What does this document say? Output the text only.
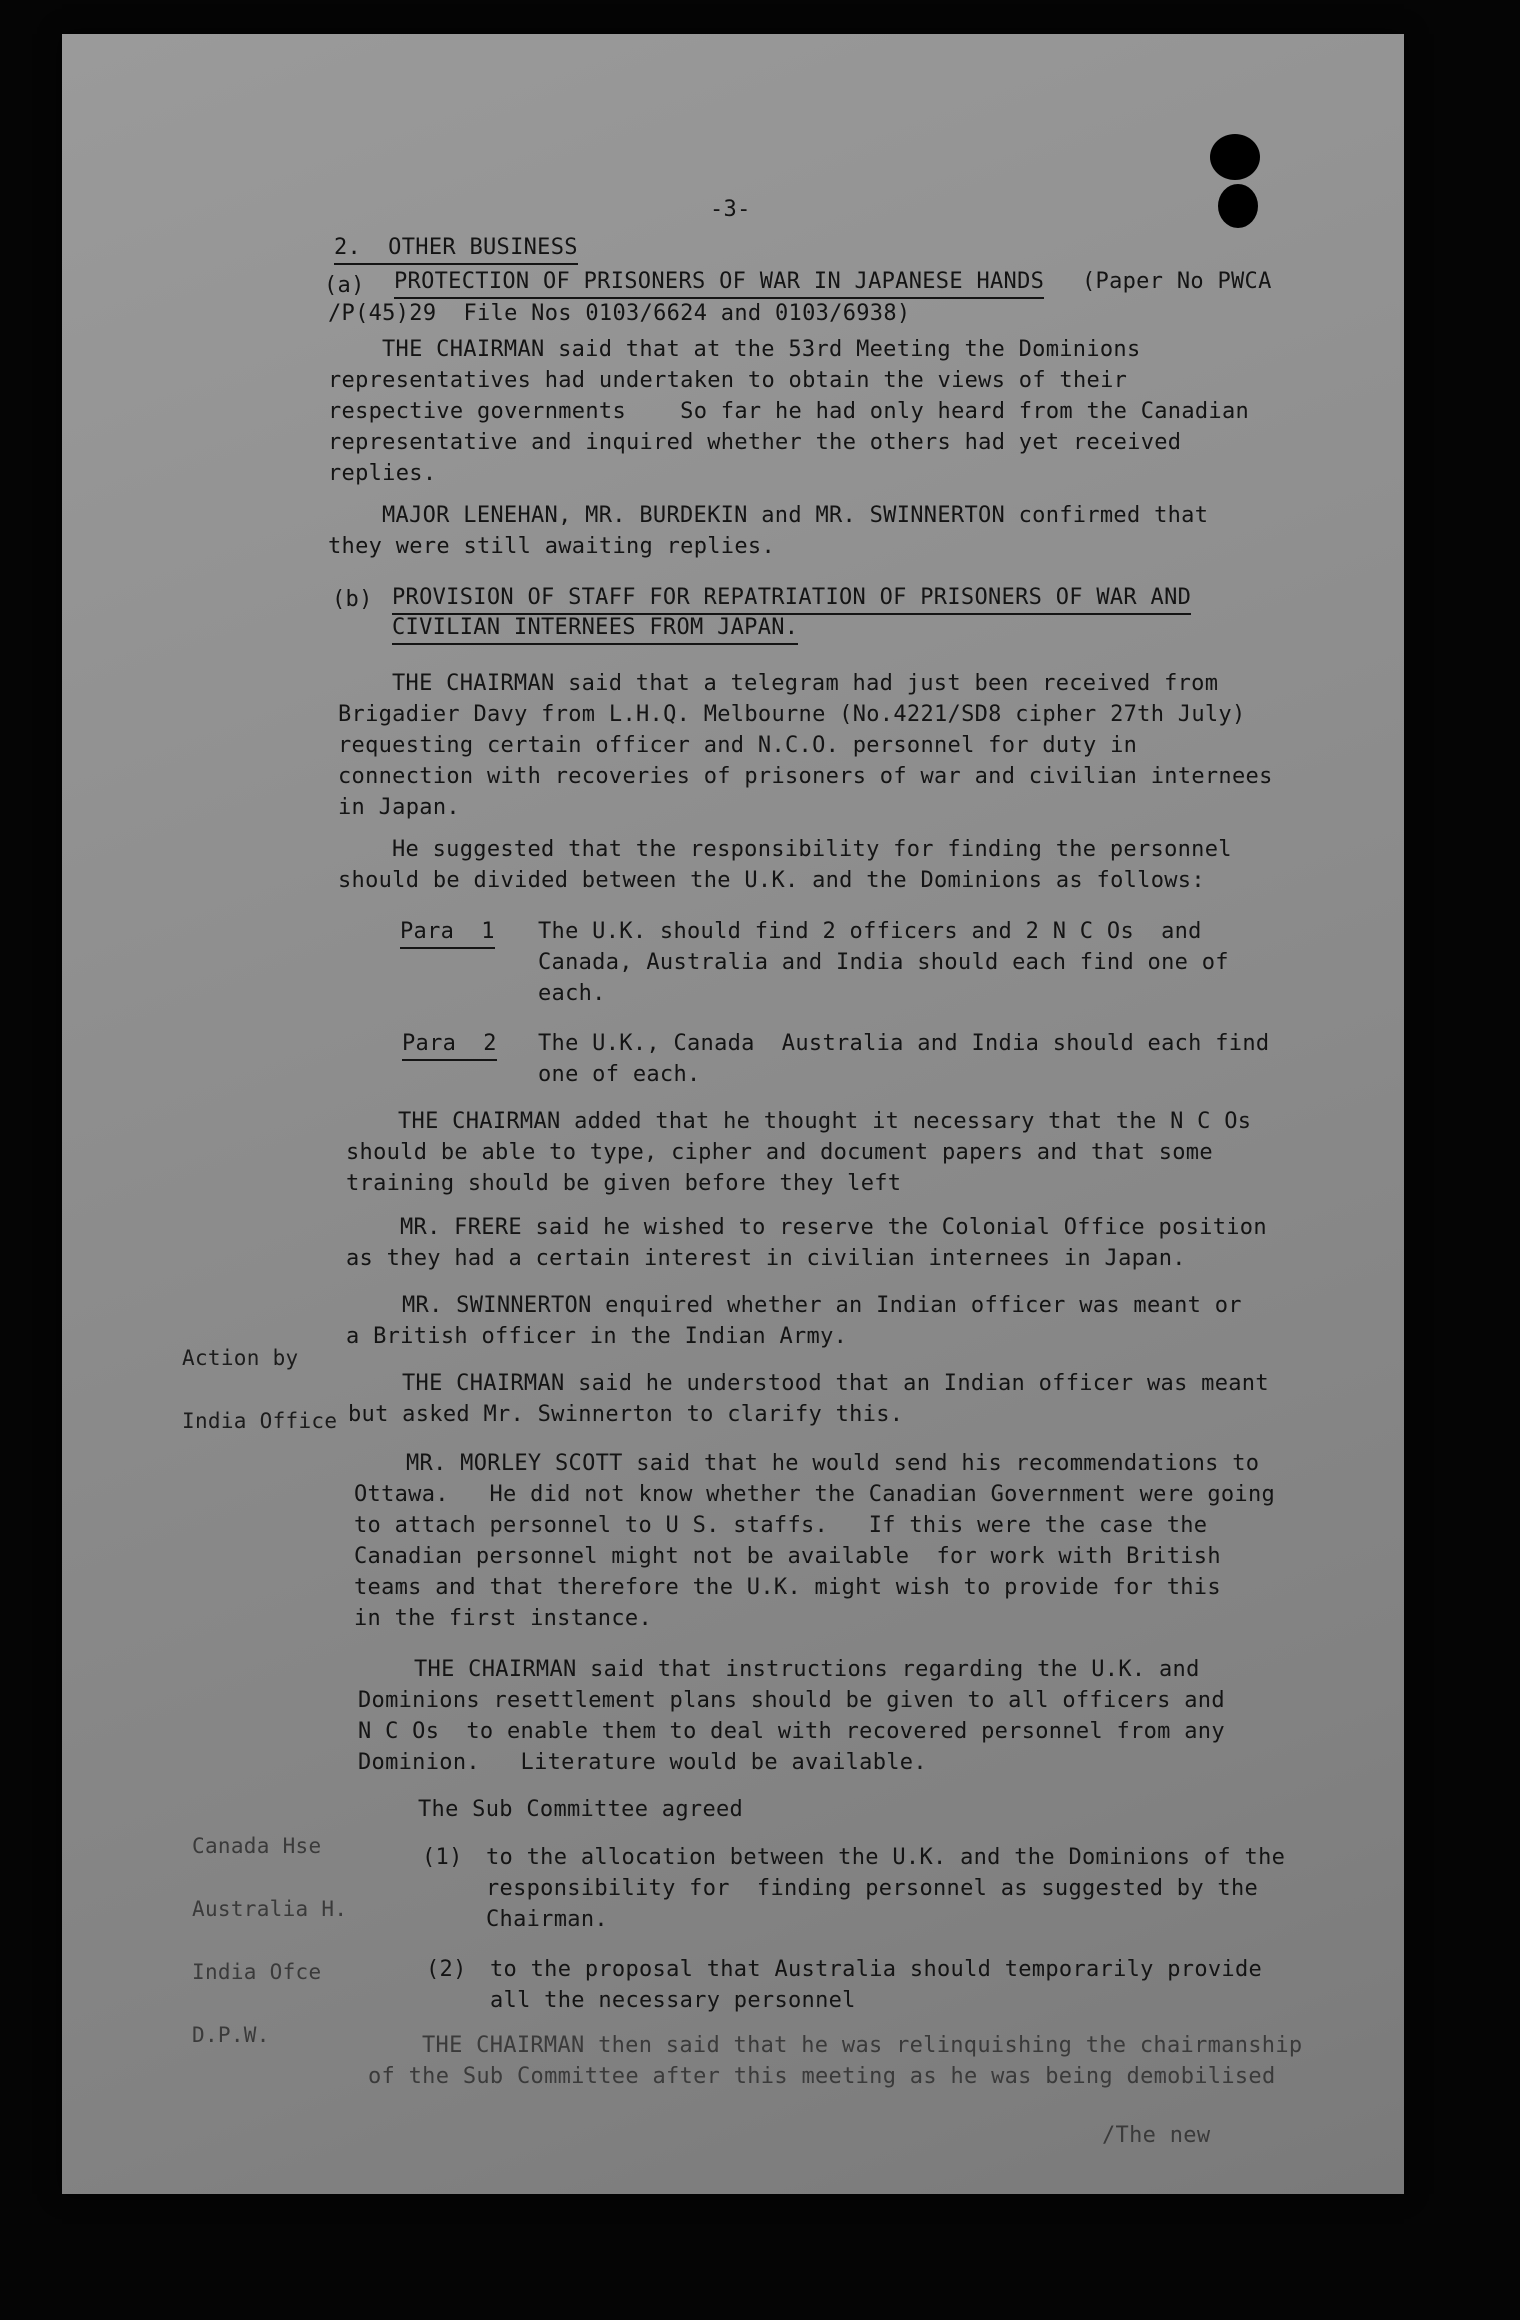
-3-
2.  OTHER BUSINESS
(a) PROTECTION OF PRISONERS OF WAR IN JAPANESE HANDS (Paper No PWCA
/P(45)29  File Nos 0103/6624 and 0103/6938)
THE CHAIRMAN said that at the 53rd Meeting the Dominions
representatives had undertaken to obtain the views of their
respective governments    So far he had only heard from the Canadian
representative and inquired whether the others had yet received
replies.
MAJOR LENEHAN, MR. BURDEKIN and MR. SWINNERTON confirmed that
they were still awaiting replies.
(b) PROVISION OF STAFF FOR REPATRIATION OF PRISONERS OF WAR AND
CIVILIAN INTERNEES FROM JAPAN.
THE CHAIRMAN said that a telegram had just been received from
Brigadier Davy from L.H.Q. Melbourne (No.4221/SD8 cipher 27th July)
requesting certain officer and N.C.O. personnel for duty in
connection with recoveries of prisoners of war and civilian internees
in Japan.
He suggested that the responsibility for finding the personnel
should be divided between the U.K. and the Dominions as follows:
Para  1 The U.K. should find 2 officers and 2 N C Os  and
Canada, Australia and India should each find one of
each.
Para  2 The U.K., Canada  Australia and India should each find
one of each.
THE CHAIRMAN added that he thought it necessary that the N C Os
should be able to type, cipher and document papers and that some
training should be given before they left
MR. FRERE said he wished to reserve the Colonial Office position
as they had a certain interest in civilian internees in Japan.

Action by

India Office

MR. SWINNERTON enquired whether an Indian officer was meant or
a British officer in the Indian Army.
THE CHAIRMAN said he understood that an Indian officer was meant
but asked Mr. Swinnerton to clarify this.
MR. MORLEY SCOTT said that he would send his recommendations to
Ottawa.   He did not know whether the Canadian Government were going
to attach personnel to U S. staffs.   If this were the case the
Canadian personnel might not be available  for work with British
teams and that therefore the U.K. might wish to provide for this
in the first instance.
THE CHAIRMAN said that instructions regarding the U.K. and
Dominions resettlement plans should be given to all officers and
N C Os  to enable them to deal with recovered personnel from any
Dominion.   Literature would be available.

Canada Hse

Australia H.

India Ofce

D.P.W.

The Sub Committee agreed
(1) to the allocation between the U.K. and the Dominions of the
responsibility for  finding personnel as suggested by the
Chairman.
(2) to the proposal that Australia should temporarily provide
all the necessary personnel
THE CHAIRMAN then said that he was relinquishing the chairmanship
of the Sub Committee after this meeting as he was being demobilised
/The new
